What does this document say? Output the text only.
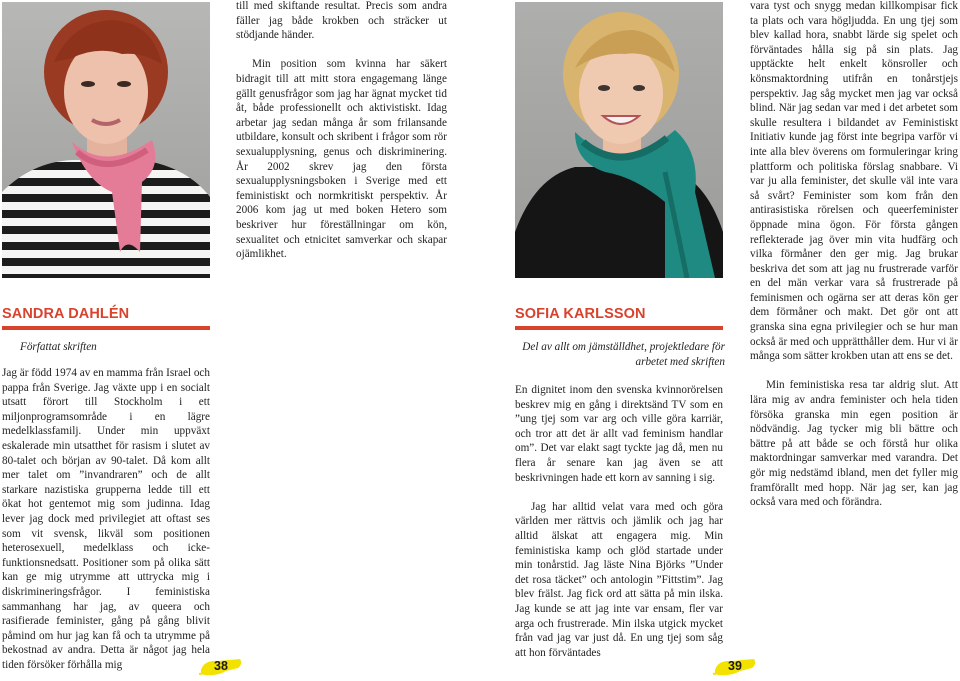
SANDRA DAHLÉN
Författat skriften

Jag är född 1974 av en mamma från Israel och pappa från Sverige. Jag växte upp i en socialt utsatt förort till Stockholm i ett miljonprogramsområde i en lägre medelklassfamilj. Under min uppväxt eskalerade min utsatthet för rasism i slutet av 80-talet och början av 90-talet. Då kom allt mer talet om ”invandraren” och de allt starkare nazistiska grupperna ledde till ett ökat hot gentemot mig som judinna. Idag lever jag dock med privilegiet att oftast ses som vit svensk, likväl som positionen heterosexuell, medelklass och icke-funktionsnedsatt. Positioner som på olika sätt kan ge mig utrymme att uttrycka mig i diskrimineringsfrågor. I feministiska sammanhang har jag, av queera och rasifierade feminister, gång på gång blivit påmind om hur jag kan få och ta utrymme på bekostnad av andra. Detta är något jag hela tiden försöker förhålla mig

till med skiftande resultat. Precis som andra fäller jag både krokben och sträcker ut stödjande händer.

Min position som kvinna har säkert bidragit till att mitt stora engagemang länge gällt genusfrågor som jag har ägnat mycket tid åt, både professionellt och aktivistiskt. Idag arbetar jag sedan många år som frilansande utbildare, konsult och skribent i frågor som rör sexualupplysning, genus och diskriminering. År 2002 skrev jag den första sexualupplysningsboken i Sverige med ett feministiskt och normkritiskt perspektiv. År 2006 kom jag ut med boken Hetero som beskriver hur föreställningar om kön, sexualitet och etnicitet samverkar och skapar ojämlikhet.

SOFIA KARLSSON
Del av allt om jämställdhet, projektledare för arbetet med skriften

En dignitet inom den svenska kvinnorörelsen beskrev mig en gång i direktsänd TV som en ”ung tjej som var arg och ville göra karriär, och tror att det är allt vad feminism handlar om”. Det var elakt sagt tyckte jag då, men nu flera år senare kan jag även se att beskrivningen hade ett korn av sanning i sig.

Jag har alltid velat vara med och göra världen mer rättvis och jämlik och jag har alltid älskat att engagera mig. Min feministiska kamp och glöd startade under min tonårstid. Jag läste Nina Björks ”Under det rosa täcket” och antologin ”Fittstim”. Jag blev frälst. Jag fick ord att sätta på min ilska. Jag kunde se att jag inte var ensam, fler var arga och frustrerade. Min ilska utgick mycket från vad jag var just då. En ung tjej som såg att hon förväntades

vara tyst och snygg medan killkompisar fick ta plats och vara högljudda. En ung tjej som blev kallad hora, snabbt lärde sig spelet och förväntades hålla sig på sin plats. Jag upptäckte helt enkelt könsroller och könsmaktordning utifrån en tonårstjejs perspektiv. Jag såg mycket men jag var också blind. När jag sedan var med i det arbetet som skulle resultera i bildandet av Feministiskt Initiativ kunde jag först inte begripa varför vi inte alla blev överens om formuleringar kring plattform och politiska förslag snabbare. Vi var ju alla feminister, det skulle väl inte vara så svårt? Feminister som kom från den antirasistiska rörelsen och queerfeminister öppnade mina ögon. För första gången reflekterade jag över min vita hudfärg och vilka förmåner den ger mig. Jag brukar beskriva det som att jag nu frustrerade varför en del män verkar vara så frustrerade på feminismen och ogärna ser att deras kön ger dem förmåner och makt. Det gör ont att granska sina egna privilegier och se hur man också är med och upprätthåller dem. Hur vi är många som sätter krokben utan att ens se det.

Min feministiska resa tar aldrig slut. Att lära mig av andra feminister och hela tiden försöka granska min egen position är nödvändig. Jag tycker mig bli bättre och bättre på att både se och förstå hur olika maktordningar samverkar med varandra. Det gör mig nedstämd ibland, men det fyller mig framförallt med hopp. När jag ser, kan jag också vara med och förändra.

38	39
